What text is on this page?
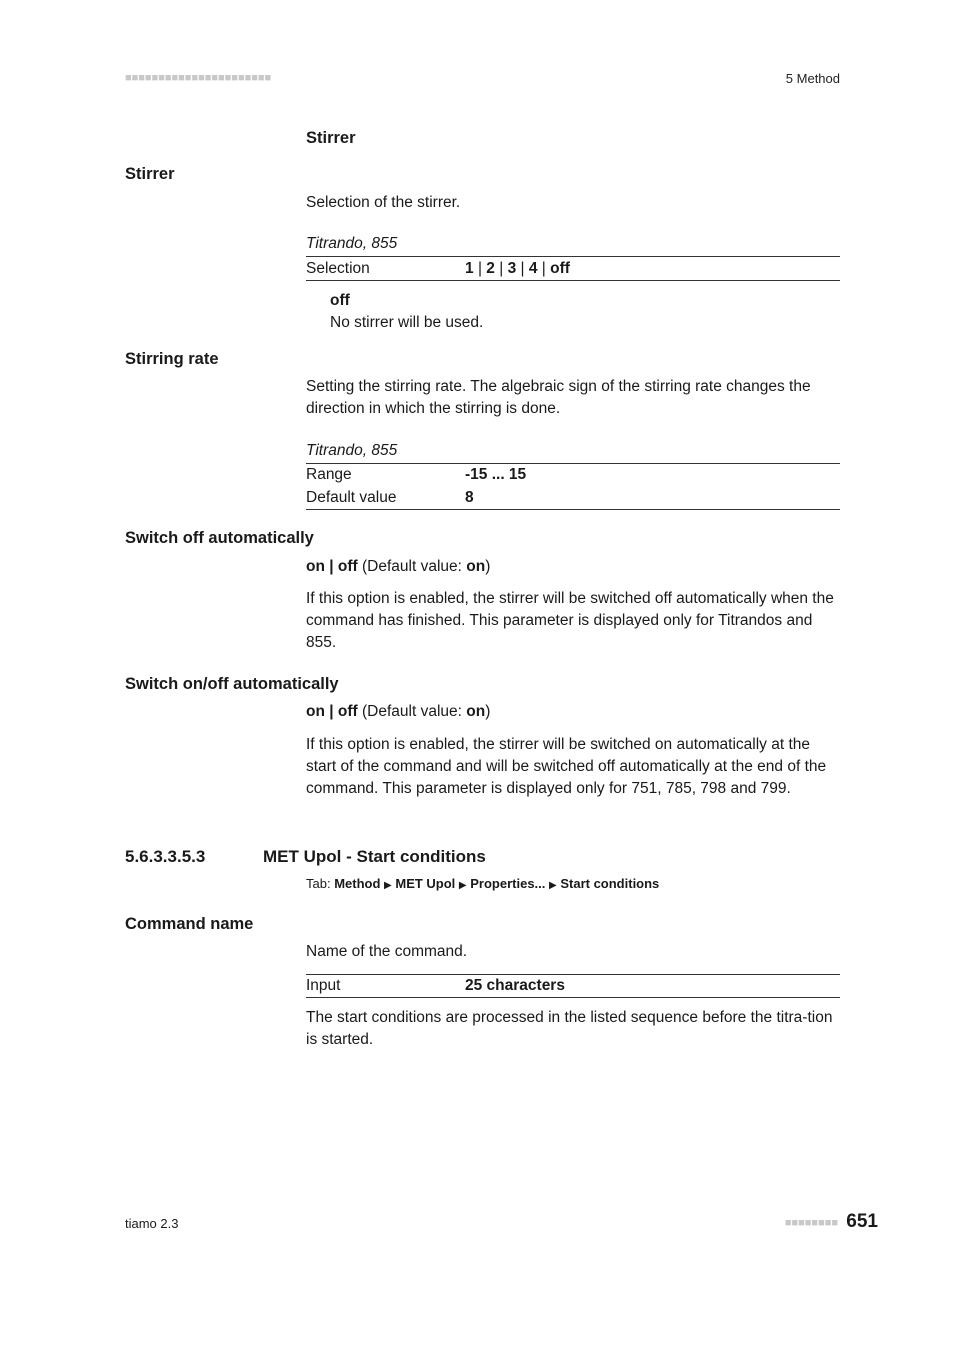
■■■■■■■■■■■■■■■■■■■■■■	5 Method
Stirrer
Stirrer
Selection of the stirrer.
Titrando, 855
Selection	1 | 2 | 3 | 4 | off
off
No stirrer will be used.
Stirring rate
Setting the stirring rate. The algebraic sign of the stirring rate changes the direction in which the stirring is done.
Titrando, 855
Range	-15 ... 15
Default value	8
Switch off automatically
on | off (Default value: on)
If this option is enabled, the stirrer will be switched off automatically when the command has finished. This parameter is displayed only for Titrandos and 855.
Switch on/off automatically
on | off (Default value: on)
If this option is enabled, the stirrer will be switched on automatically at the start of the command and will be switched off automatically at the end of the command. This parameter is displayed only for 751, 785, 798 and 799.
5.6.3.3.5.3	MET Upol - Start conditions
Tab: Method ▶ MET Upol ▶ Properties... ▶ Start conditions
Command name
Name of the command.
Input	25 characters
The start conditions are processed in the listed sequence before the titra-tion is started.
tiamo 2.3	■■■■■■■■ 651
